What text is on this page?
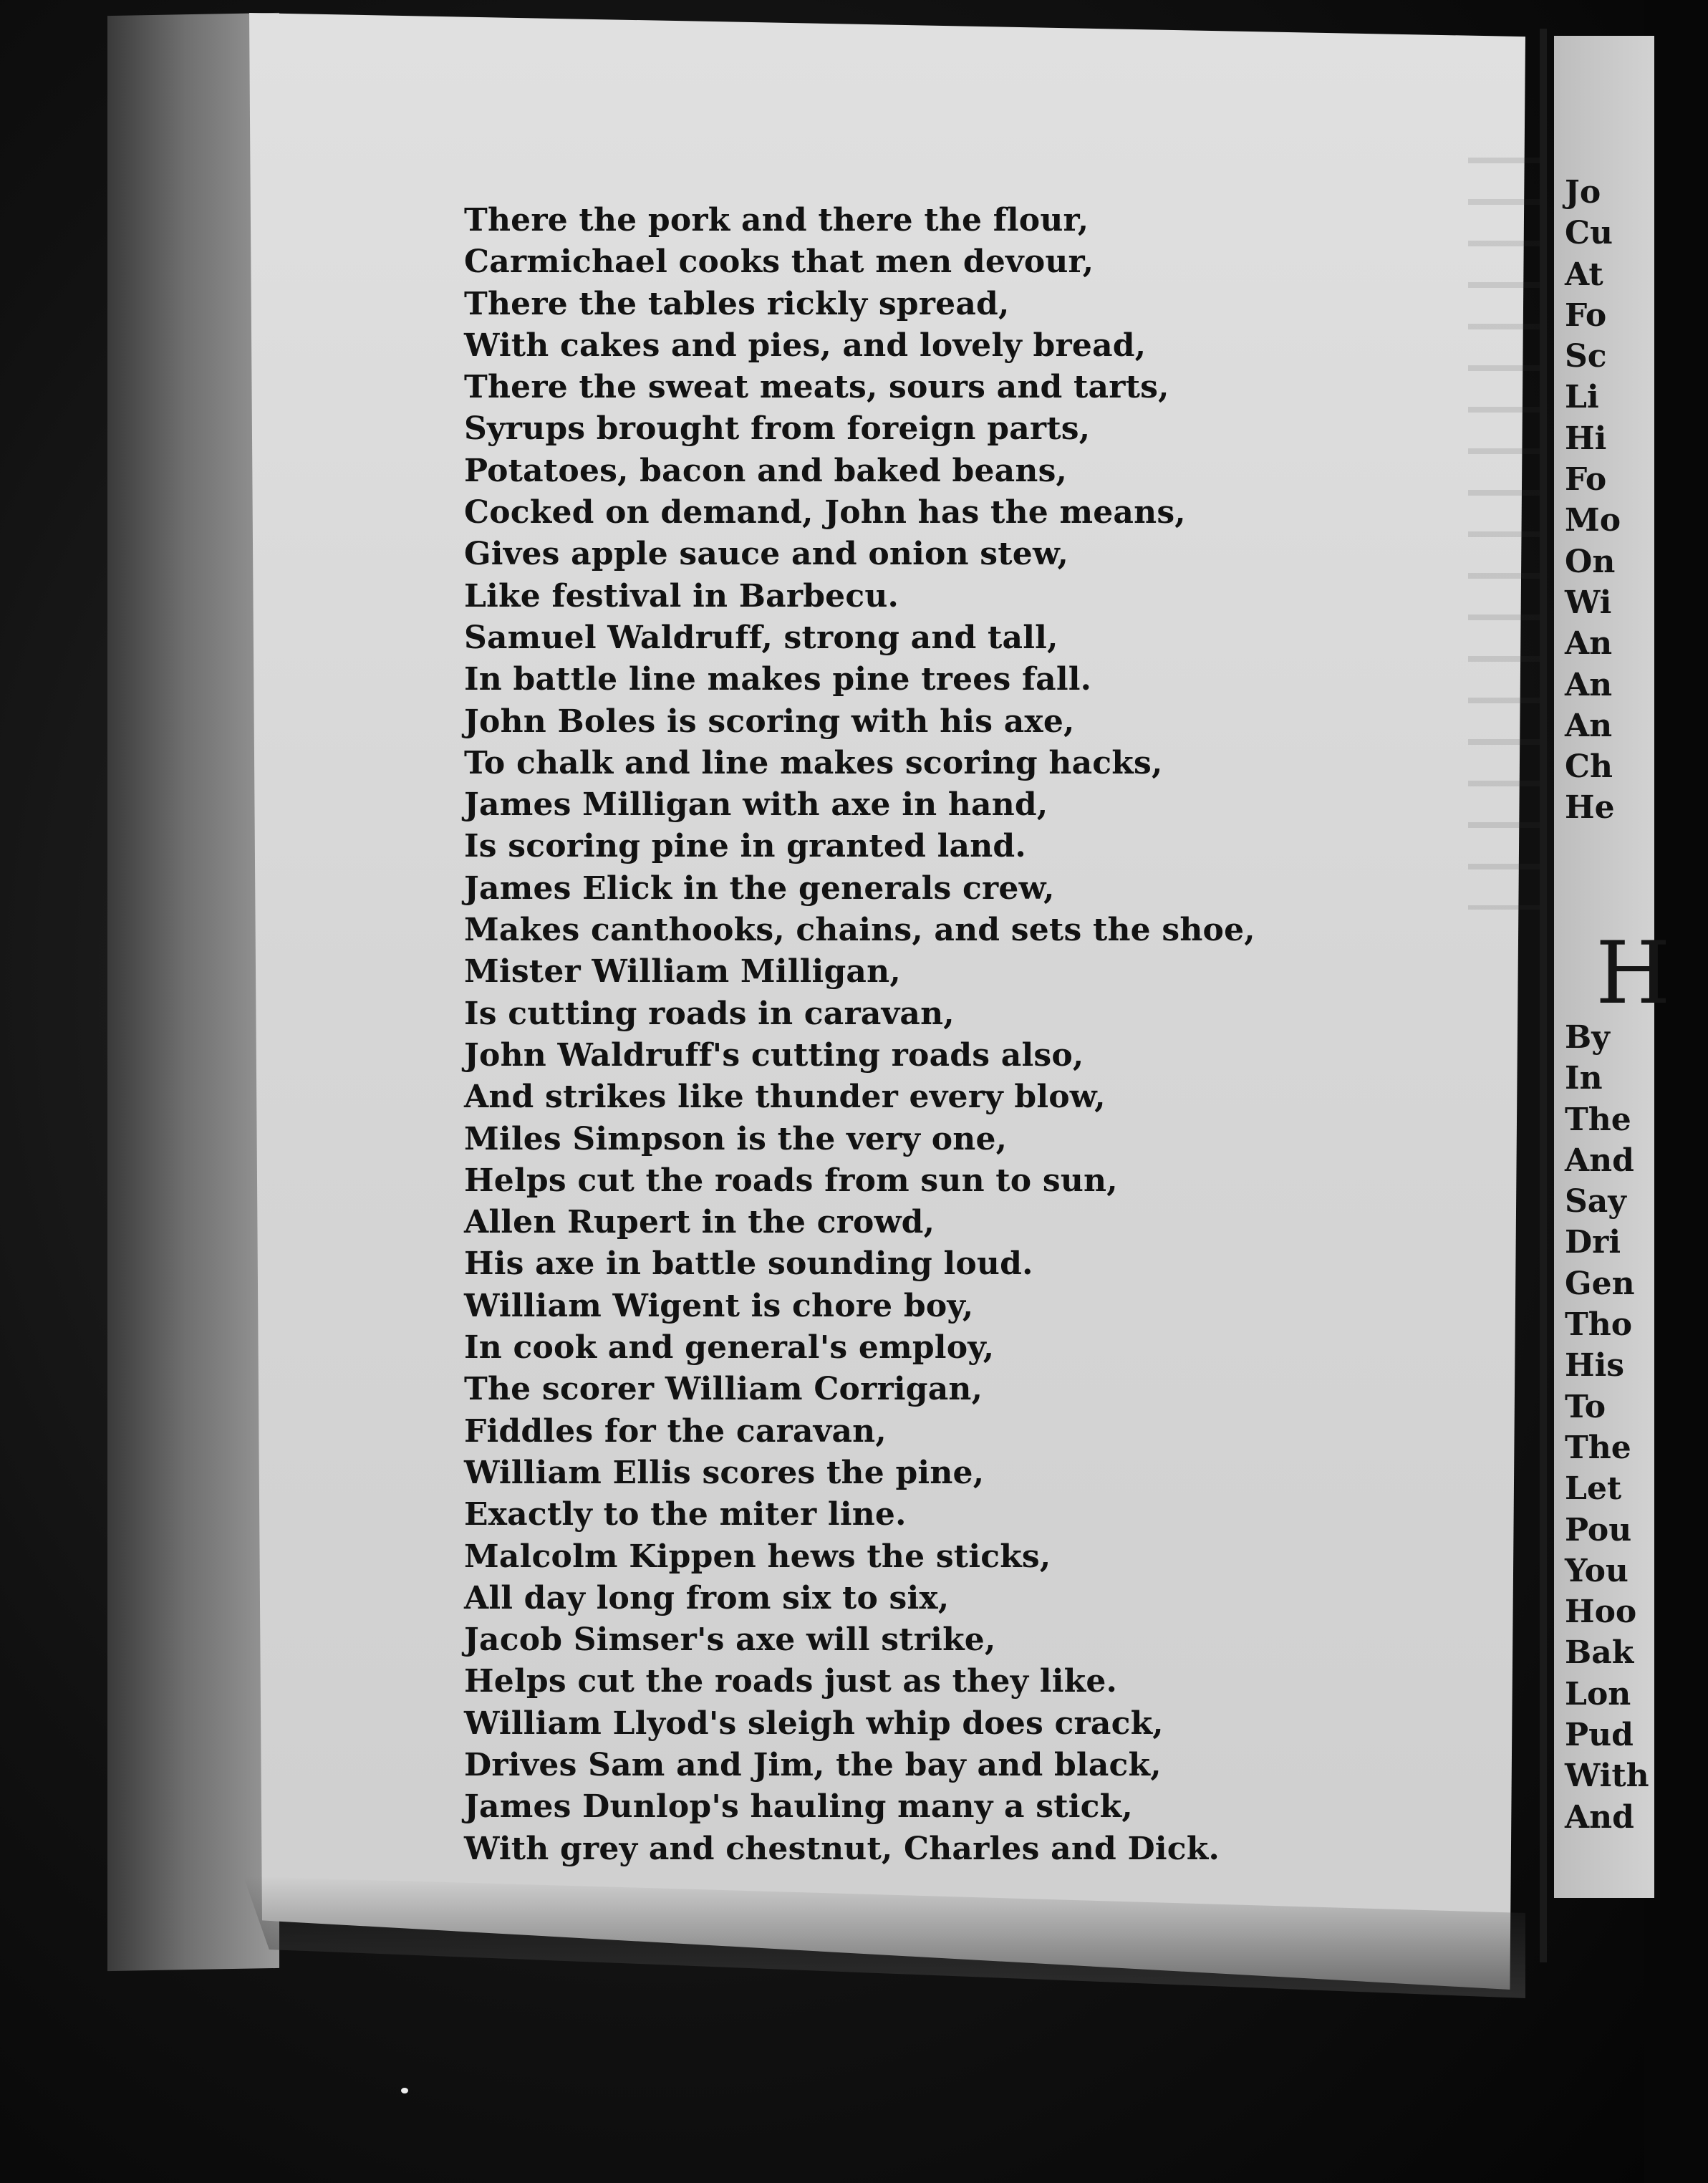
There the pork and there the flour,
Carmichael cooks that men devour,
There the tables rickly spread,
With cakes and pies, and lovely bread,
There the sweat meats, sours and tarts,
Syrups brought from foreign parts,
Potatoes, bacon and baked beans,
Cocked on demand, John has the means,
Gives apple sauce and onion stew,
Like festival in Barbecu.
Samuel Waldruff, strong and tall,
In battle line makes pine trees fall.
John Boles is scoring with his axe,
To chalk and line makes scoring hacks,
James Milligan with axe in hand,
Is scoring pine in granted land.
James Elick in the generals crew,
Makes canthooks, chains, and sets the shoe,
Mister William Milligan,
Is cutting roads in caravan,
John Waldruff's cutting roads also,
And strikes like thunder every blow,
Miles Simpson is the very one,
Helps cut the roads from sun to sun,
Allen Rupert in the crowd,
His axe in battle sounding loud.
William Wigent is chore boy,
In cook and general's employ,
The scorer William Corrigan,
Fiddles for the caravan,
William Ellis scores the pine,
Exactly to the miter line.
Malcolm Kippen hews the sticks,
All day long from six to six,
Jacob Simser's axe will strike,
Helps cut the roads just as they like.
William Llyod's sleigh whip does crack,
Drives Sam and Jim, the bay and black,
James Dunlop's hauling many a stick,
With grey and chestnut, Charles and Dick.
Jo
Cu
At
Fo
Sc
Li
Hi
Fo
Mo
On
Wi
An
An
An
Ch
He
H
By
In
The
And
Say
Dri
Gen
Tho
His
To
The
Let
Pou
You
Hoo
Bak
Lon
Pud
With
And
